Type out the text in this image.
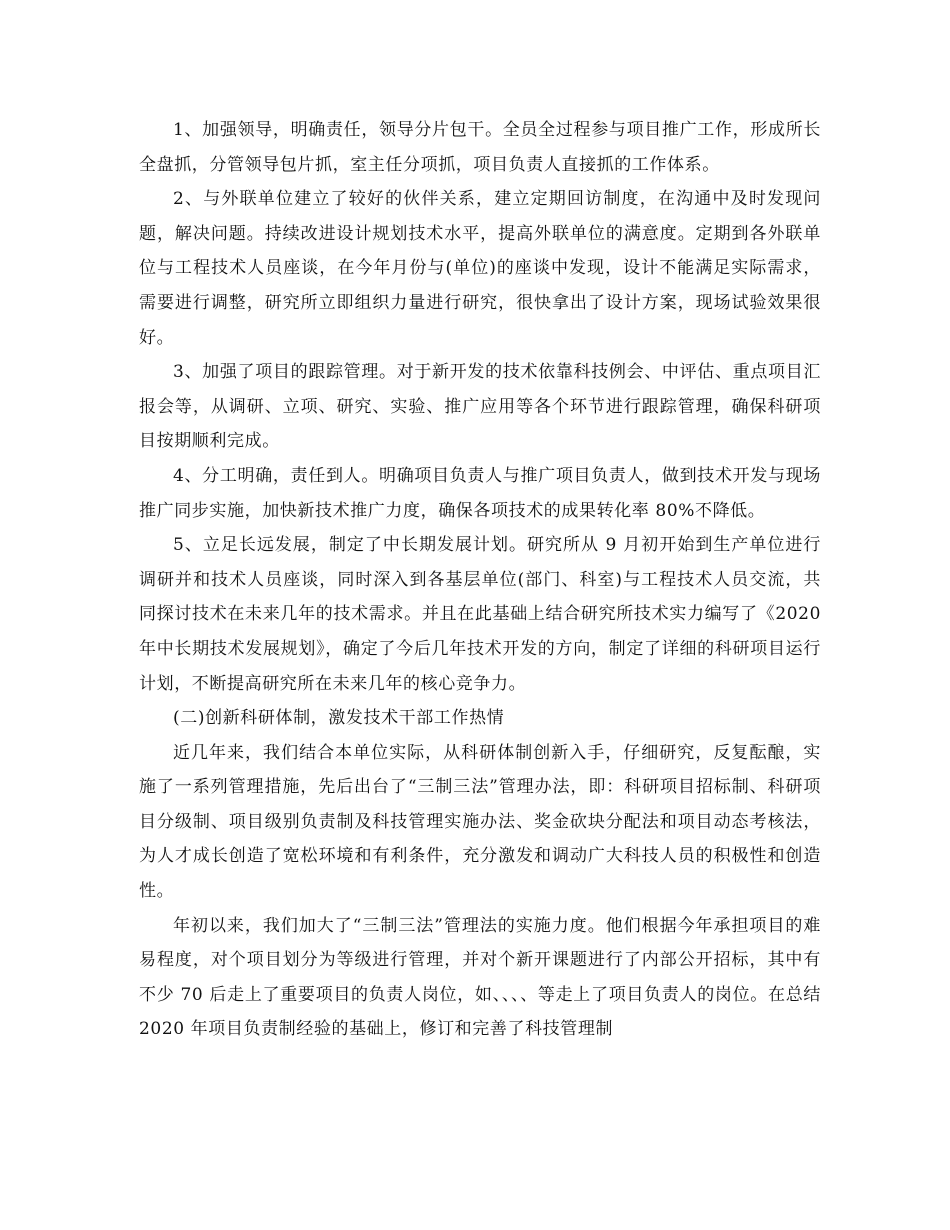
1、加强领导，明确责任，领导分片包干。全员全过程参与项目推广工作，形成所长全盘抓，分管领导包片抓，室主任分项抓，项目负责人直接抓的工作体系。

2、与外联单位建立了较好的伙伴关系，建立定期回访制度，在沟通中及时发现问题，解决问题。持续改进设计规划技术水平，提高外联单位的满意度。定期到各外联单位与工程技术人员座谈，在今年月份与(单位)的座谈中发现，设计不能满足实际需求，需要进行调整，研究所立即组织力量进行研究，很快拿出了设计方案，现场试验效果很好。

3、加强了项目的跟踪管理。对于新开发的技术依靠科技例会、中评估、重点项目汇报会等，从调研、立项、研究、实验、推广应用等各个环节进行跟踪管理，确保科研项目按期顺利完成。

4、分工明确，责任到人。明确项目负责人与推广项目负责人，做到技术开发与现场推广同步实施，加快新技术推广力度，确保各项技术的成果转化率 80%不降低。

5、立足长远发展，制定了中长期发展计划。研究所从 9 月初开始到生产单位进行调研并和技术人员座谈，同时深入到各基层单位(部门、科室)与工程技术人员交流，共同探讨技术在未来几年的技术需求。并且在此基础上结合研究所技术实力编写了《2020 年中长期技术发展规划》，确定了今后几年技术开发的方向，制定了详细的科研项目运行计划，不断提高研究所在未来几年的核心竞争力。

(二)创新科研体制，激发技术干部工作热情

近几年来，我们结合本单位实际，从科研体制创新入手，仔细研究，反复酝酿，实施了一系列管理措施，先后出台了“三制三法”管理办法，即：科研项目招标制、科研项目分级制、项目级别负责制及科技管理实施办法、奖金砍块分配法和项目动态考核法，为人才成长创造了宽松环境和有利条件，充分激发和调动广大科技人员的积极性和创造性。

年初以来，我们加大了“三制三法”管理法的实施力度。他们根据今年承担项目的难易程度，对个项目划分为等级进行管理，并对个新开课题进行了内部公开招标，其中有不少 70 后走上了重要项目的负责人岗位，如、、、、等走上了项目负责人的岗位。在总结 2020 年项目负责制经验的基础上，修订和完善了科技管理制
